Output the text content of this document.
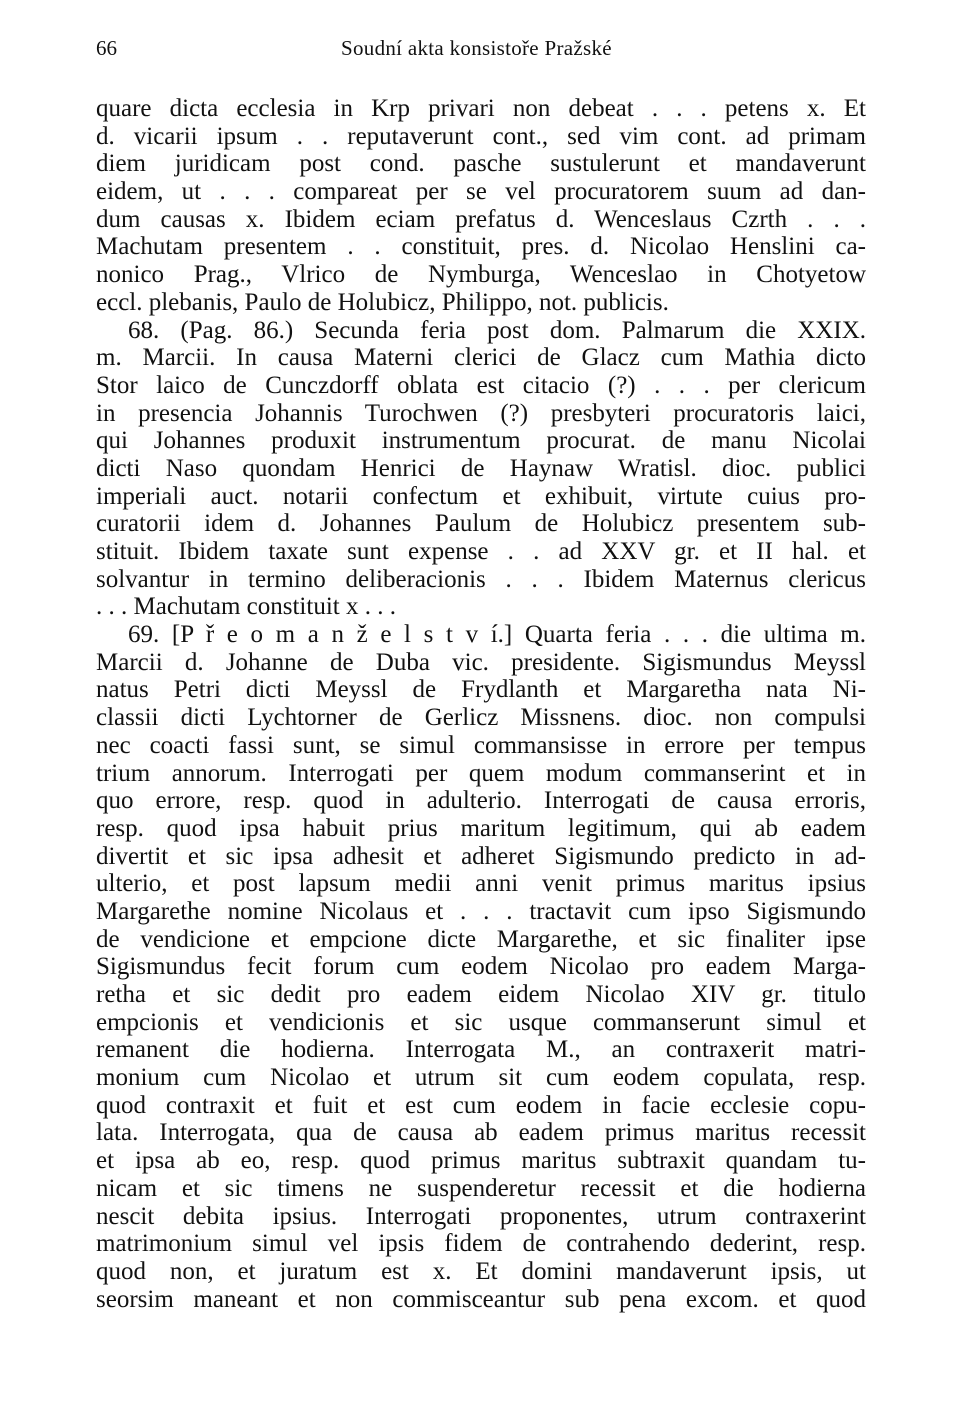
66	Soudní akta konsistoře Pražské
quare dicta ecclesia in Krp privari non debeat . . . petens x. Et
d. vicarii ipsum . . reputaverunt cont., sed vim cont. ad primam
diem juridicam post cond. pasche sustulerunt et mandaverunt
eidem, ut . . . compareat per se vel procuratorem suum ad dan-
dum causas x. Ibidem eciam prefatus d. Wenceslaus Czrth . . .
Machutam presentem . . constituit, pres. d. Nicolao Henslini ca-
nonico Prag., Vlrico de Nymburga, Wenceslao in Chotyetow
eccl. plebanis, Paulo de Holubicz, Philippo, not. publicis.
68. (Pag. 86.) Secunda feria post dom. Palmarum die XXIX.
m. Marcii. In causa Materni clerici de Glacz cum Mathia dicto
Stor laico de Cunczdorff oblata est citacio (?) . . . per clericum
in presencia Johannis Turochwen (?) presbyteri procuratoris laici,
qui Johannes produxit instrumentum procurat. de manu Nicolai
dicti Naso quondam Henrici de Haynaw Wratisl. dioc. publici
imperiali auct. notarii confectum et exhibuit, virtute cuius pro-
curatorii idem d. Johannes Paulum de Holubicz presentem sub-
stituit. Ibidem taxate sunt expense . . ad XXV gr. et II hal. et
solvantur in termino deliberacionis . . . Ibidem Maternus clericus
. . . Machutam constituit x . . .
69. [P ř e o m a n ž e l s t v í.] Quarta feria . . . die ultima m.
Marcii d. Johanne de Duba vic. presidente. Sigismundus Meyssl
natus Petri dicti Meyssl de Frydlanth et Margaretha nata Ni-
classii dicti Lychtorner de Gerlicz Missnens. dioc. non compulsi
nec coacti fassi sunt, se simul commansisse in errore per tempus
trium annorum. Interrogati per quem modum commanserint et in
quo errore, resp. quod in adulterio. Interrogati de causa erroris,
resp. quod ipsa habuit prius maritum legitimum, qui ab eadem
divertit et sic ipsa adhesit et adheret Sigismundo predicto in ad-
ulterio, et post lapsum medii anni venit primus maritus ipsius
Margarethe nomine Nicolaus et . . . tractavit cum ipso Sigismundo
de vendicione et empcione dicte Margarethe, et sic finaliter ipse
Sigismundus fecit forum cum eodem Nicolao pro eadem Marga-
retha et sic dedit pro eadem eidem Nicolao XIV gr. titulo
empcionis et vendicionis et sic usque commanserunt simul et
remanent die hodierna. Interrogata M., an contraxerit matri-
monium cum Nicolao et utrum sit cum eodem copulata, resp.
quod contraxit et fuit et est cum eodem in facie ecclesie copu-
lata. Interrogata, qua de causa ab eadem primus maritus recessit
et ipsa ab eo, resp. quod primus maritus subtraxit quandam tu-
nicam et sic timens ne suspenderetur recessit et die hodierna
nescit debita ipsius. Interrogati proponentes, utrum contraxerint
matrimonium simul vel ipsis fidem de contrahendo dederint, resp.
quod non, et juratum est x. Et domini mandaverunt ipsis, ut
seorsim maneant et non commisceantur sub pena excom. et quod
